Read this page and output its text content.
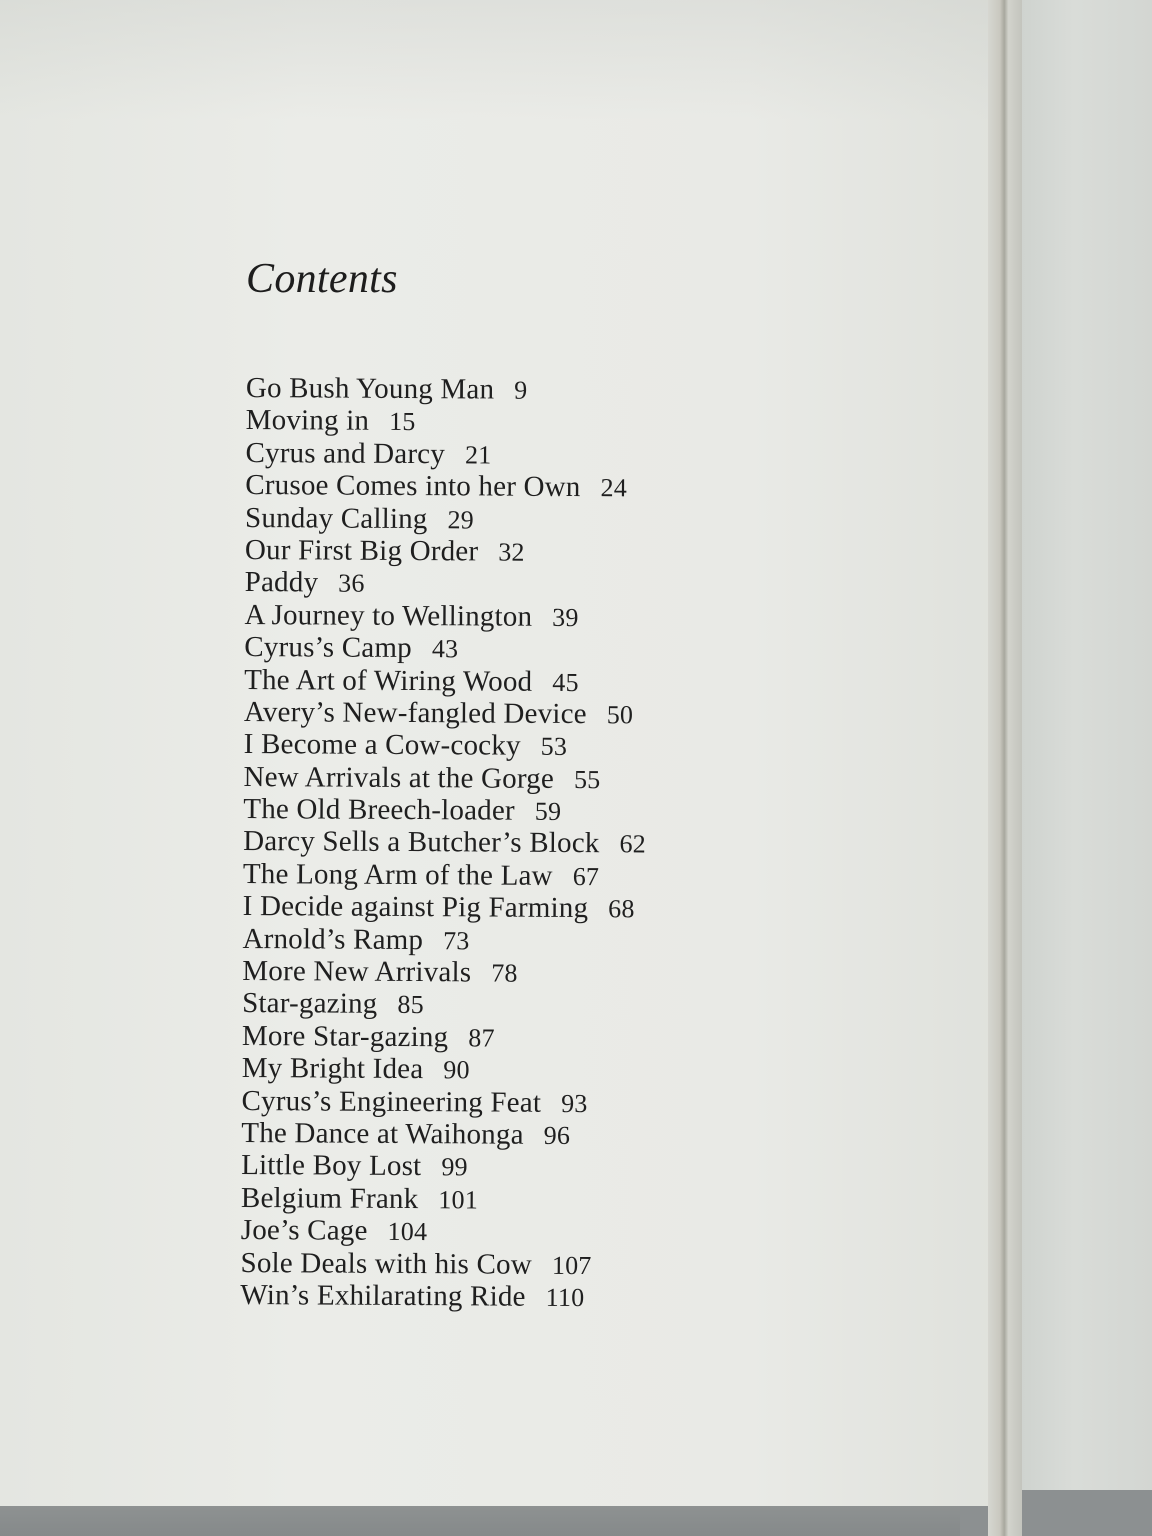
Contents
Go Bush Young Man 9
Moving in 15
Cyrus and Darcy 21
Crusoe Comes into her Own 24
Sunday Calling 29
Our First Big Order 32
Paddy 36
A Journey to Wellington 39
Cyrus’s Camp 43
The Art of Wiring Wood 45
Avery’s New-fangled Device 50
I Become a Cow-cocky 53
New Arrivals at the Gorge 55
The Old Breech-loader 59
Darcy Sells a Butcher’s Block 62
The Long Arm of the Law 67
I Decide against Pig Farming 68
Arnold’s Ramp 73
More New Arrivals 78
Star-gazing 85
More Star-gazing 87
My Bright Idea 90
Cyrus’s Engineering Feat 93
The Dance at Waihonga 96
Little Boy Lost 99
Belgium Frank 101
Joe’s Cage 104
Sole Deals with his Cow 107
Win’s Exhilarating Ride 110
